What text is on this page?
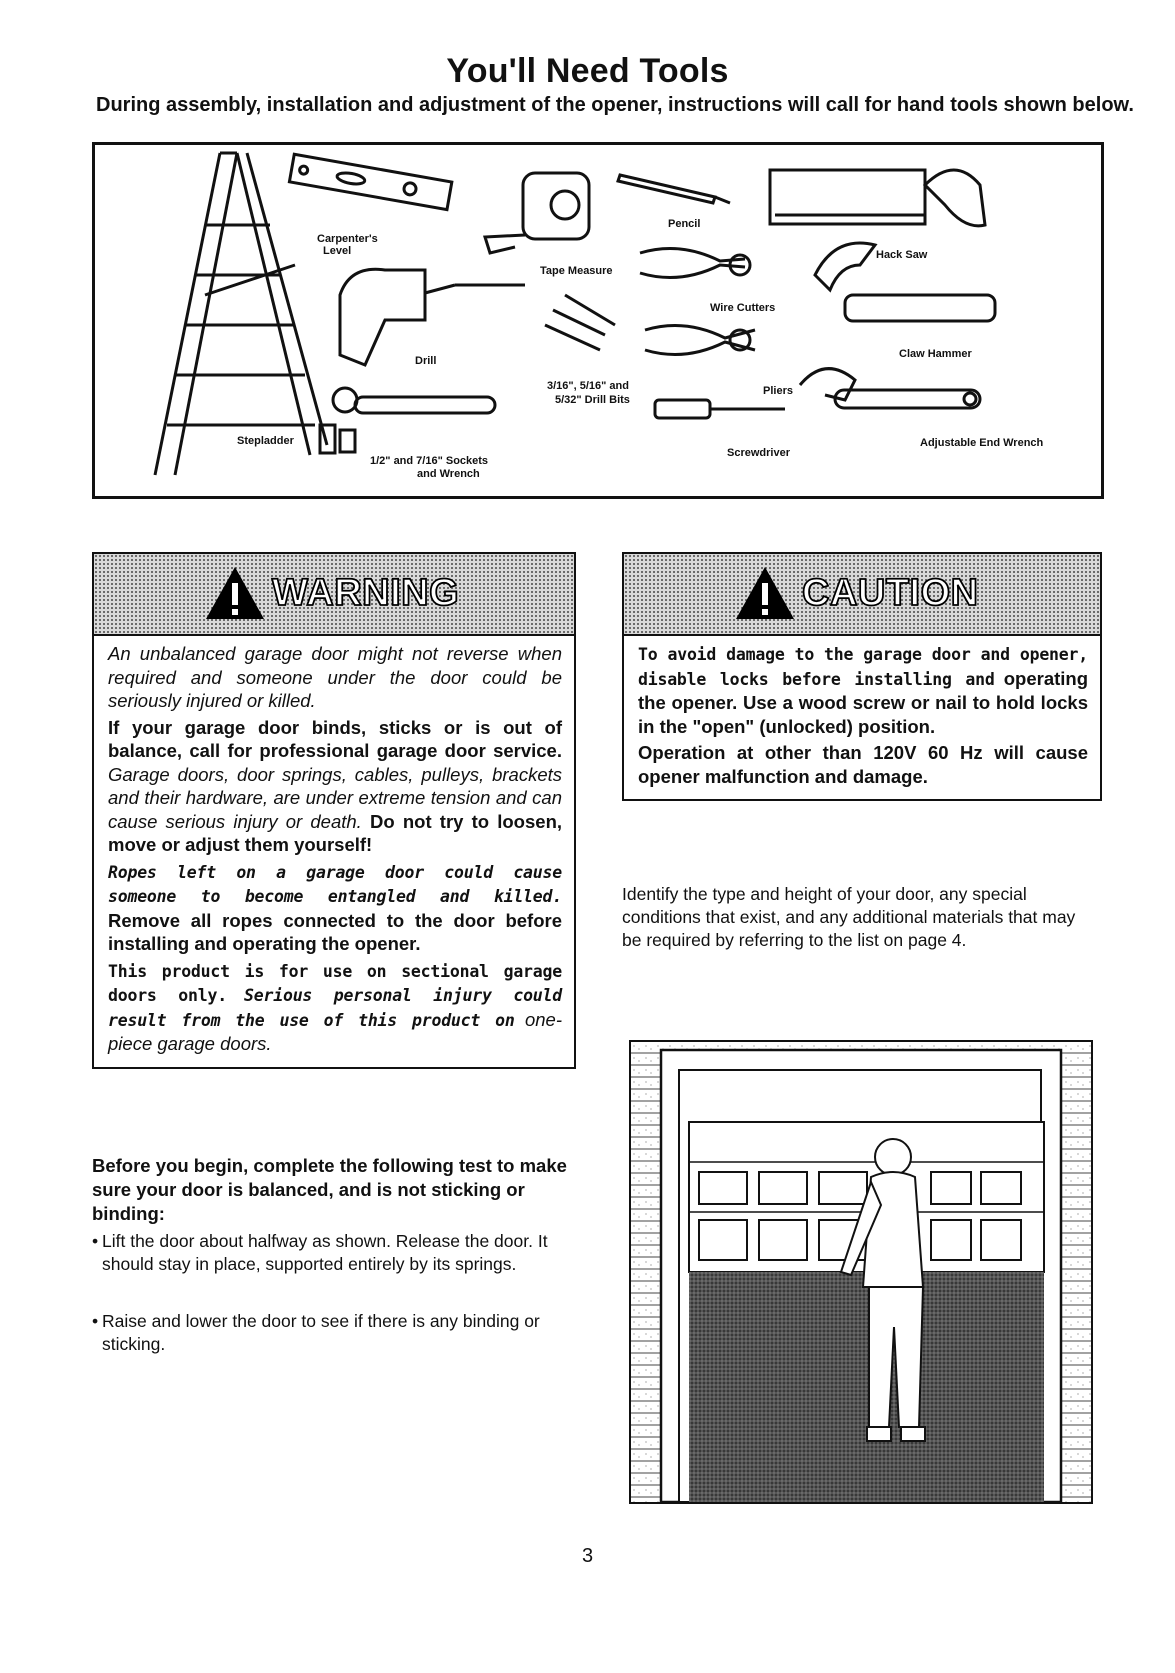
You'll Need Tools
During assembly, installation and adjustment of the opener, instructions will call for hand tools shown below.
Carpenter's
Level
Tape Measure
Pencil
Hack Saw
Drill
3/16", 5/16" and
5/32" Drill Bits
Wire Cutters
Claw Hammer
Pliers
Stepladder
1/2" and 7/16" Sockets
and Wrench
Screwdriver
Adjustable End Wrench
WARNING

An unbalanced garage door might not reverse when required and someone under the door could be seriously injured or killed.

If your garage door binds, sticks or is out of balance, call for professional garage door service. Garage doors, door springs, cables, pulleys, brackets and their hardware, are under extreme tension and can cause serious injury or death. Do not try to loosen, move or adjust them yourself!

Ropes left on a garage door could cause someone to become entangled and killed. Remove all ropes connected to the door before installing and operating the opener.

This product is for use on sectional garage doors only. Serious personal injury could result from the use of this product on one-piece garage doors.

CAUTION

To avoid damage to the garage door and opener, disable locks before installing and operating the opener. Use a wood screw or nail to hold locks in the "open" (unlocked) position.

Operation at other than 120V 60 Hz will cause opener malfunction and damage.

Identify the type and height of your door, any special conditions that exist, and any additional materials that may be required by referring to the list on page 4.
Before you begin, complete the following test to make sure your door is balanced, and is not sticking or binding:
• Lift the door about halfway as shown. Release the door. It should stay in place, supported entirely by its springs.
• Raise and lower the door to see if there is any binding or sticking.
3
